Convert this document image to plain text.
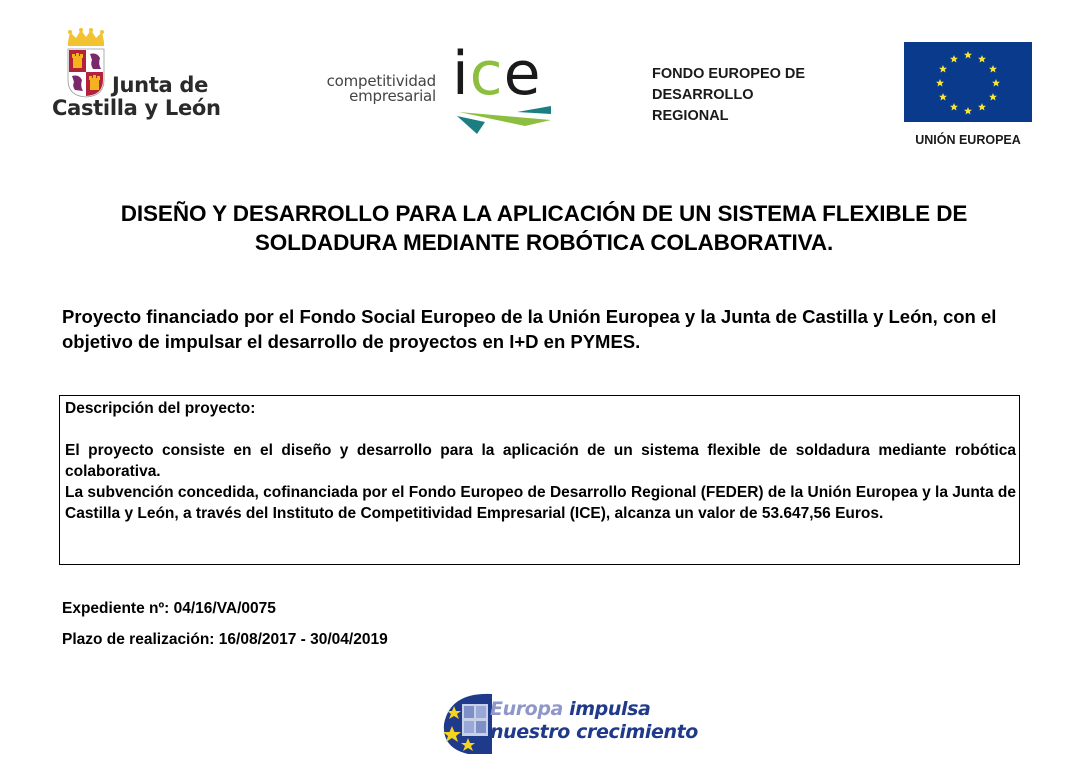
Junta de
Castilla y León
competitividad
empresarial ice	FONDO EUROPEO DE
DESARROLLO
REGIONAL
UNIÓN EUROPEA
DISEÑO Y DESARROLLO PARA LA APLICACIÓN DE UN SISTEMA FLEXIBLE DE
SOLDADURA MEDIANTE ROBÓTICA COLABORATIVA.
Proyecto financiado por el Fondo Social Europeo de la Unión Europea y la Junta de Castilla y León, con el objetivo de impulsar el desarrollo de proyectos en I+D en PYMES.
Descripción del proyecto:
El proyecto consiste en el diseño y desarrollo para la aplicación de un sistema flexible de soldadura mediante robótica colaborativa.
La subvención concedida, cofinanciada por el Fondo Europeo de Desarrollo Regional (FEDER) de la Unión Europea y la Junta de Castilla y León, a través del Instituto de Competitividad Empresarial (ICE), alcanza un valor de 53.647,56 Euros.
Expediente nº: 04/16/VA/0075
Plazo de realización: 16/08/2017 - 30/04/2019
Europa impulsa
nuestro crecimiento
